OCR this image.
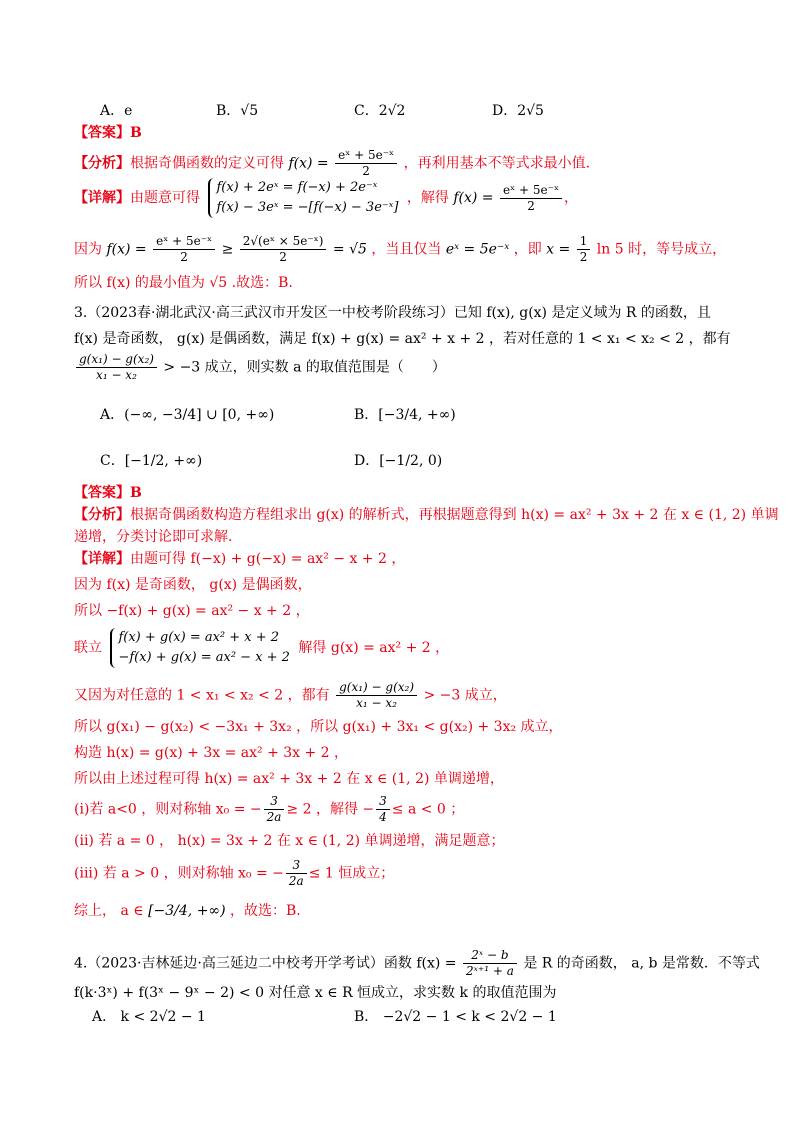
A．e	B．√5	C．2√2	D．2√5
【答案】B
【分析】根据奇偶函数的定义可得 $f(x) = \frac{\text{eˣ + 5e⁻ˣ}}{2}$ ，再利用基本不等式求最小值.
【详解】由题意可得
f(x) + 2eˣ = f(−x) + 2e⁻ˣ
f(x) − 3eˣ = −[f(−x) − 3e⁻ˣ]
，解得 $f(x) = \frac{\text{eˣ + 5e⁻ˣ}}{2}$ ，
因为 $f(x) = \frac{\text{eˣ + 5e⁻ˣ}}{2} \ge \frac{\text{2√(eˣ × 5e⁻ˣ)}}{2} = √5$ ，当且仅当 eˣ = 5e⁻ˣ ，即 $x = \frac{1}{2}$ ln 5 时，等号成立，
所以 f(x) 的最小值为 √5 .故选：B.
3.（2023春·湖北武汉·高三武汉市开发区一中校考阶段练习）已知 f(x), g(x) 是定义域为 R 的函数，且
f(x) 是奇函数， g(x) 是偶函数，满足 f(x) + g(x) = ax² + x + 2 ，若对任意的 1 < x₁ < x₂ < 2 ，都有
$\frac{\text{g(x₁) − g(x₂)}}{\text{x₁ − x₂}} > -3$ 成立，则实数 a 的取值范围是（　　）
A．(−∞, −3/4] ∪ [0, +∞)	B．[−3/4, +∞)
C．[−1/2, +∞)	D．[−1/2, 0)
【答案】B
【分析】根据奇偶函数构造方程组求出 g(x) 的解析式，再根据题意得到 h(x) = ax² + 3x + 2 在 x ∈ (1, 2) 单调
递增，分类讨论即可求解.
【详解】由题可得 f(−x) + g(−x) = ax² − x + 2 ，
因为 f(x) 是奇函数， g(x) 是偶函数，
所以 −f(x) + g(x) = ax² − x + 2 ，
联立
f(x) + g(x) = ax² + x + 2
−f(x) + g(x) = ax² − x + 2
解得 g(x) = ax² + 2 ，
又因为对任意的 1 < x₁ < x₂ < 2 ，都有 $\frac{\text{g(x₁) − g(x₂)}}{\text{x₁ − x₂}} > -3$ 成立，
所以 g(x₁) − g(x₂) < −3x₁ + 3x₂ ，所以 g(x₁) + 3x₁ < g(x₂) + 3x₂ 成立，
构造 h(x) = g(x) + 3x = ax² + 3x + 2 ，
所以由上述过程可得 h(x) = ax² + 3x + 2 在 x ∈ (1, 2) 单调递增，
(i)若 a<0 ，则对称轴 x₀ = − $\frac{3}{2a} \ge 2$ ，解得 − $\frac{3}{4} \le a < 0$ ；
(ii) 若 a = 0 ， h(x) = 3x + 2 在 x ∈ (1, 2) 单调递增，满足题意；
(iii) 若 a > 0 ，则对称轴 x₀ = − $\frac{3}{2a} \le 1$ 恒成立；
综上， a ∈ [−3/4, +∞) ，故选：B.
4.（2023·吉林延边·高三延边二中校考开学考试）函数 $f(x) = \frac{\text{2ˣ − b}}{\text{2ˣ⁺¹ + a}}$ 是 R 的奇函数， a, b 是常数．不等式
f(k·3ˣ) + f(3ˣ − 9ˣ − 2) < 0 对任意 x ∈ R 恒成立，求实数 k 的取值范围为
A． k < 2√2 − 1	B． −2√2 − 1 < k < 2√2 − 1
